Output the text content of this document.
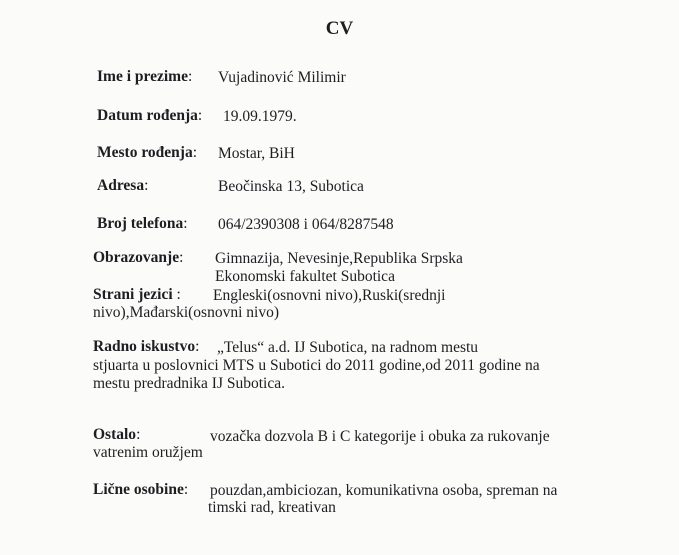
CV
Ime i prezime: Vujadinović Milimir
Datum rođenja: 19.09.1979.
Mesto rođenja: Mostar, BiH
Adresa:	Beočinska 13, Subotica
Broj telefona: 064/2390308 i 064/8287548
Obrazovanje: Gimnazija, Nevesinje,Republika Srpska
Ekonomski fakultet Subotica
Strani jezici : Engleski(osnovni nivo),Ruski(srednji
nivo),Mađarski(osnovni nivo)
Radno iskustvo: „Telus“ a.d. IJ Subotica, na radnom mestu
stjuarta u poslovnici MTS u Subotici do 2011 godine,od 2011 godine na
mestu predradnika IJ Subotica.
Ostalo:	vozačka dozvola B i C kategorije i obuka za rukovanje
vatrenim oružjem
Lične osobine: pouzdan,ambiciozan, komunikativna osoba, spreman na
timski rad, kreativan
